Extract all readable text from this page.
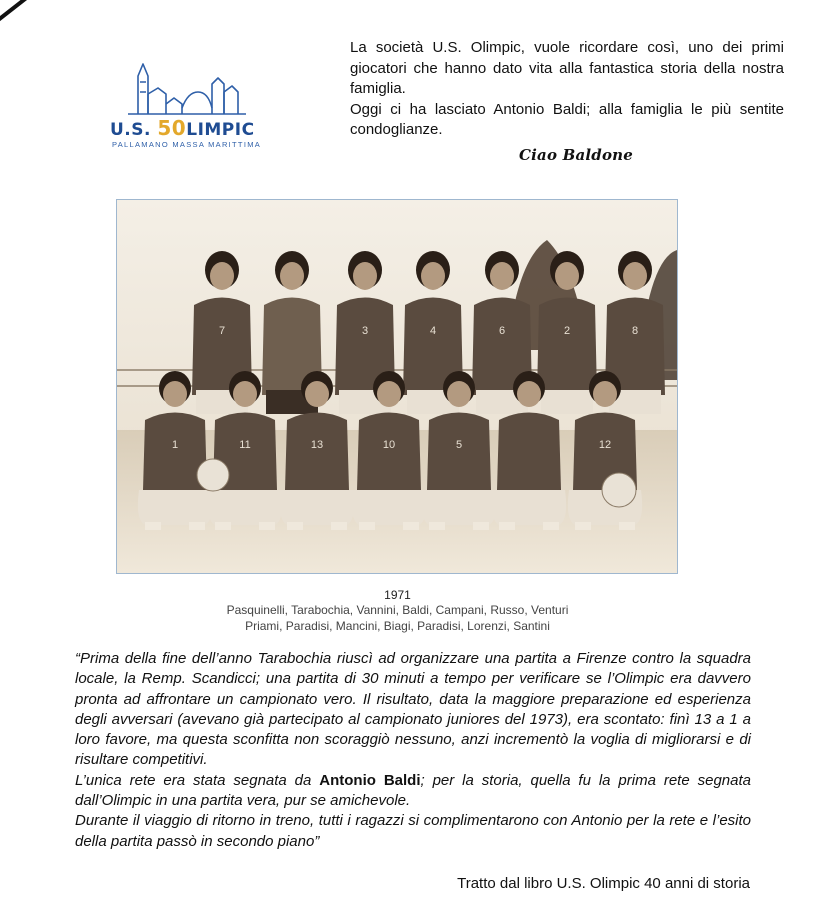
U.S. 50LIMPIC
PALLAMANO MASSA MARITTIMA

La società U.S. Olimpic, vuole ricordare così, uno dei primi giocatori che hanno dato vita alla fantastica storia della nostra famiglia.

Oggi ci ha lasciato Antonio Baldi; alla famiglia le più sentite condoglianze.

Ciao Baldone
7	3	4	6	2	8
1	11	13	10	5	12
1971
Pasquinelli, Tarabochia, Vannini, Baldi, Campani, Russo, Venturi
Priami, Paradisi, Mancini, Biagi, Paradisi, Lorenzi, Santini

“Prima della fine dell’anno Tarabochia riuscì ad organizzare una partita a Firenze contro la squadra locale, la Remp. Scandicci; una partita di 30 minuti a tempo per verificare se l’Olimpic era davvero pronta ad affrontare un campionato vero. Il risultato, data la maggiore preparazione ed esperienza degli avversari (avevano già partecipato al campionato juniores del 1973), era scontato: finì 13 a 1 a loro favore, ma questa sconfitta non scoraggiò nessuno, anzi incrementò la voglia di migliorarsi e di risultare competitivi.

L’unica rete era stata segnata da Antonio Baldi; per la storia, quella fu la prima rete segnata dall’Olimpic in una partita vera, pur se amichevole.

Durante il viaggio di ritorno in treno, tutti i ragazzi si complimentarono con Antonio per la rete e l’esito della partita passò in secondo piano”

Tratto dal libro U.S. Olimpic 40 anni di storia
